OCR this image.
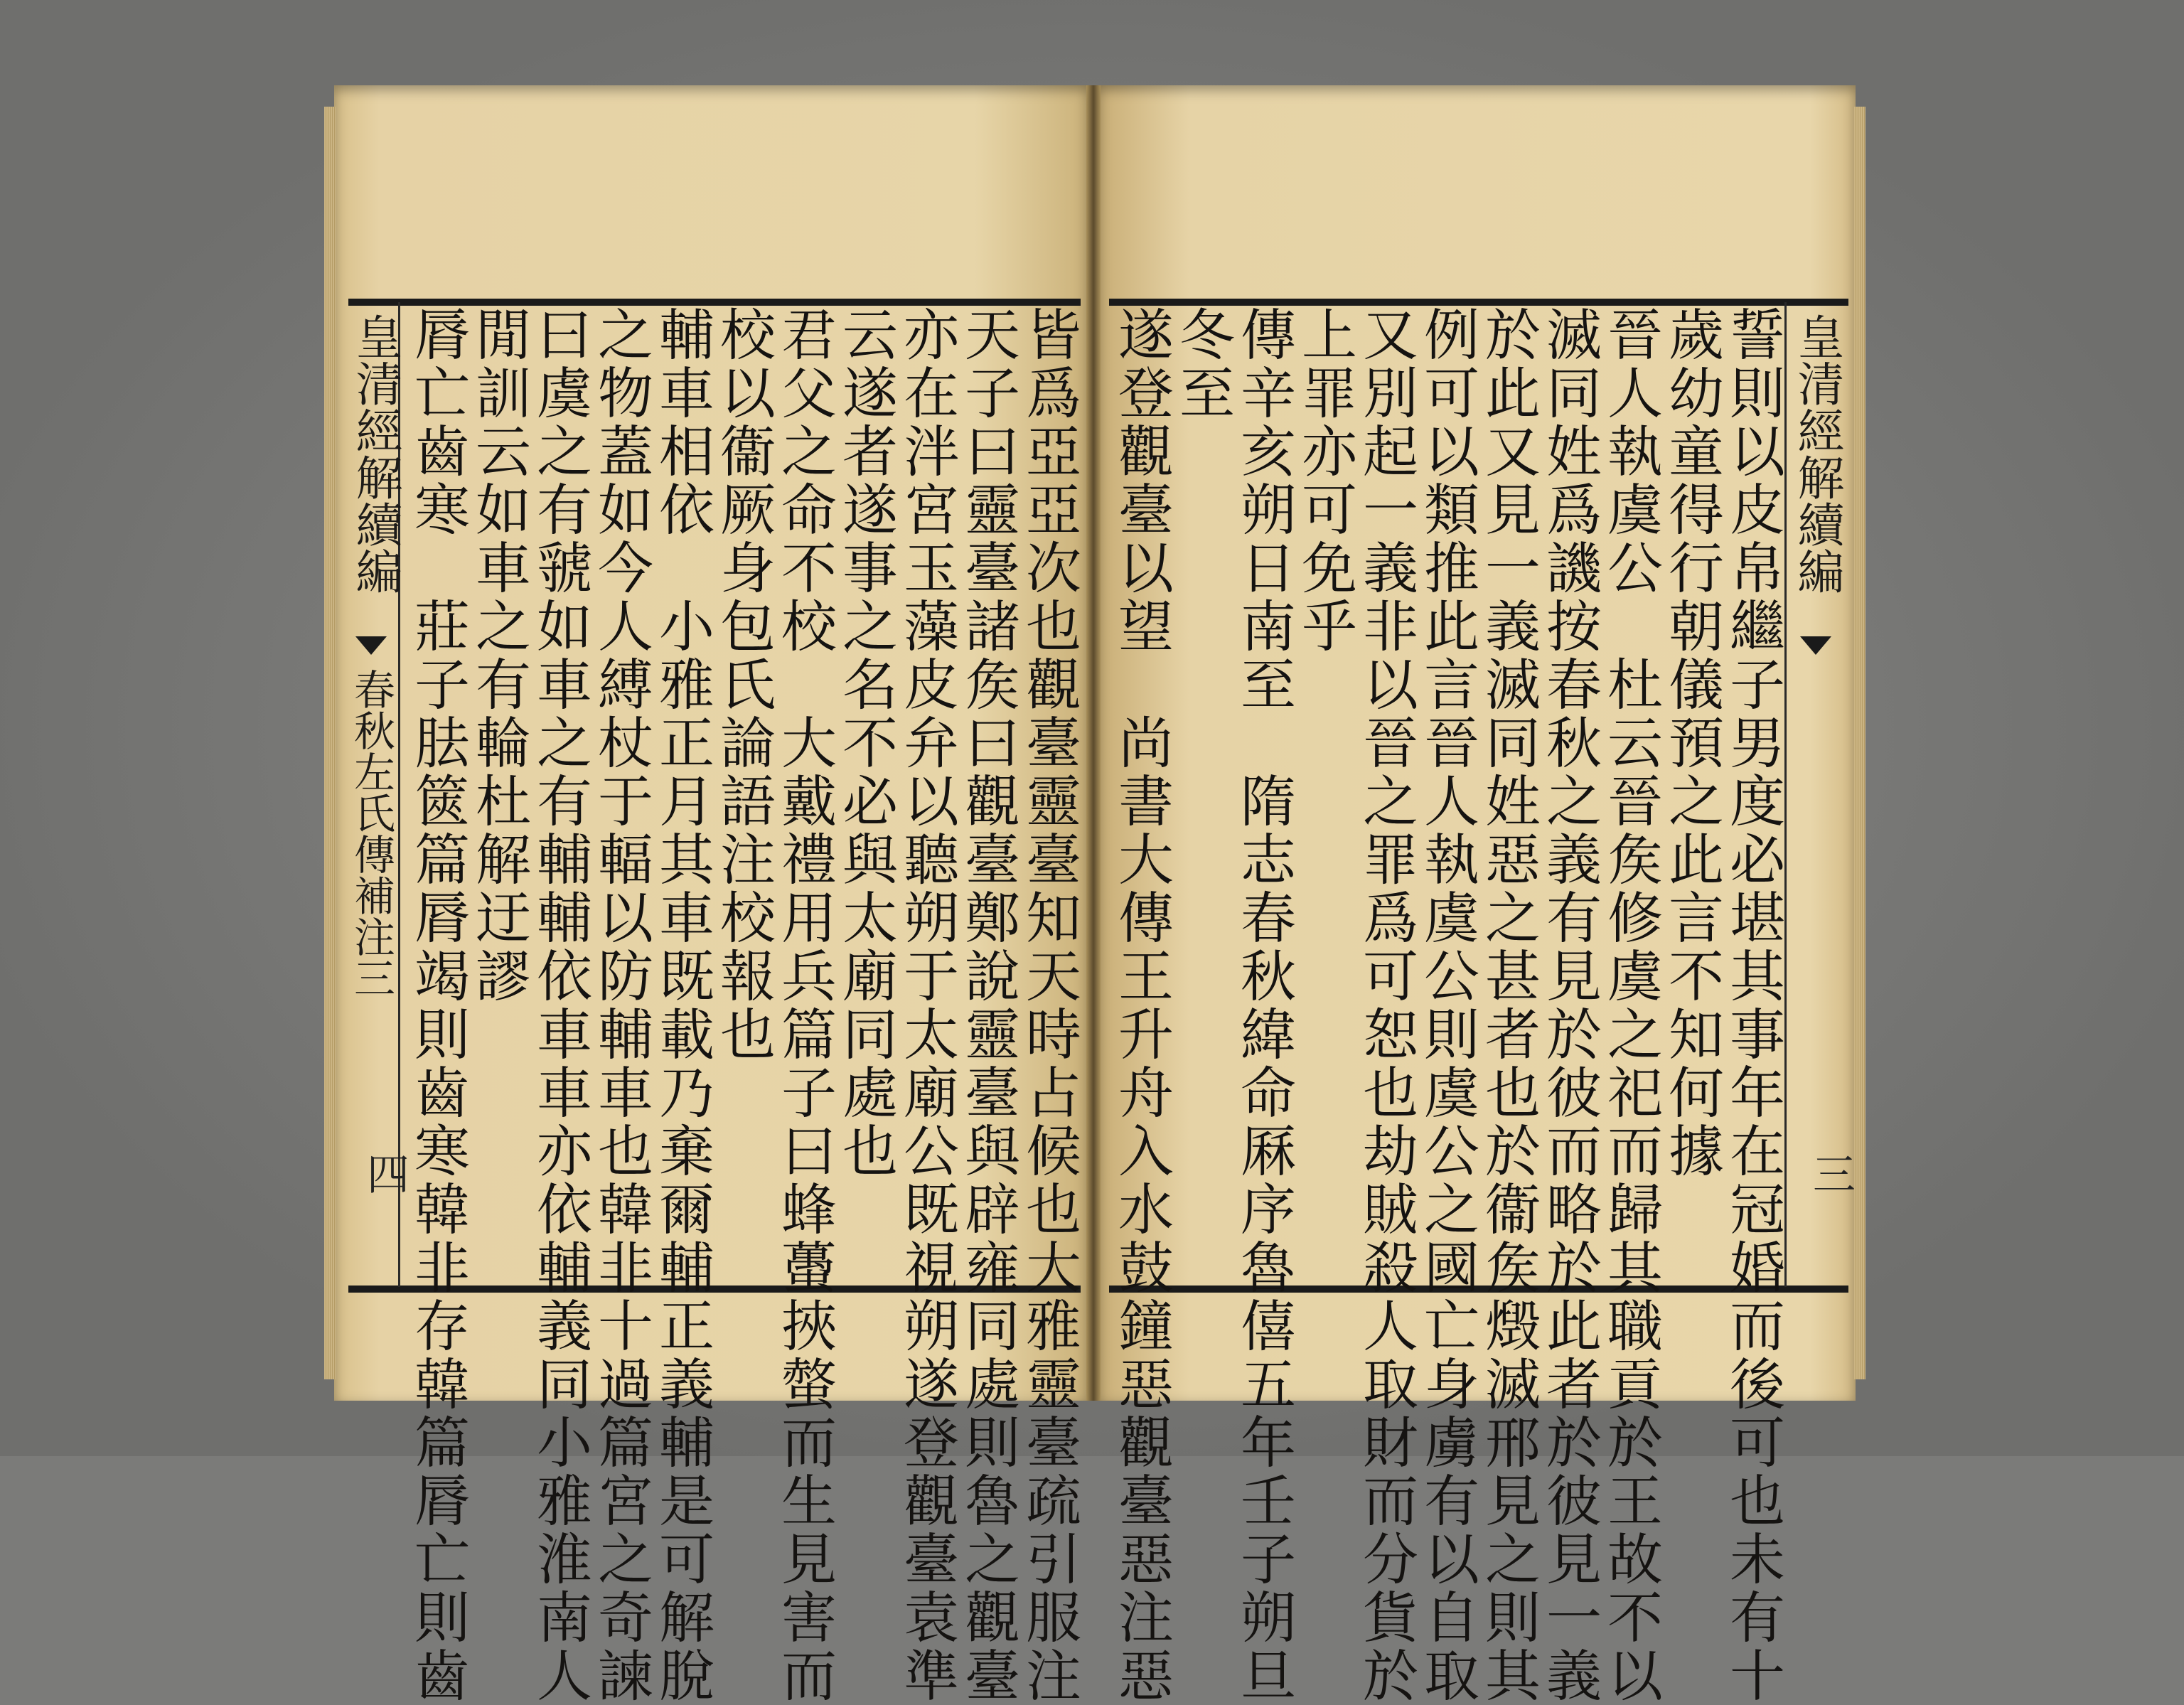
皇清經解續編
春秋左氏傳補注三
四	皆爲亞亞次也觀臺靈臺知天時占候也大雅靈臺疏引服注
天子曰靈臺諸矦曰觀臺鄭說靈臺與辟雍同處則魯之觀臺
亦在泮宮玉藻皮弁以聽朔于太廟公既視朔遂登觀臺袁準
云遂者遂事之名不必與太廟同處也
君父之命不校　大戴禮用兵篇子曰蜂蠆挾螫而生見害而
校以衞厥身包氏論語注校報也
輔車相依　小雅正月其車既載乃棄爾輔正義輔是可解脫
之物蓋如今人縛杖于輻以防輔車也韓非十過篇宮之奇諫
曰虞之有虢如車之有輔輔依車車亦依輔義同小雅淮南人
閒訓云如車之有輪杜解迂謬
脣亡齒寒　莊子胠篋篇脣竭則齒寒韓非存韓篇脣亡則齒	皇清經解續編
三
誓則以皮帛繼子男度必堪其事年在冠婚而後可也未有十
歲幼童得行朝儀預之此言不知何據
晉人執虞公　杜云晉矦修虞之祀而歸其職貢於王故不以
滅同姓爲譏按春秋之義有見於彼而略於此者於彼見一義
於此又見一義滅同姓惡之甚者也於衞矦燬滅邢見之則其
例可以類推此言晉人執虞公則虞公之國亡身虜有以自取
又別起一義非以晉之罪爲可恕也劫賊殺人取財而分貨於
上罪亦可免乎
傳辛亥朔日南至　隋志春秋緯命厤序魯僖五年壬子朔旦
冬至
遂登觀臺以望　尚書大傳王升舟入水鼓鐘惡觀臺惡注惡
